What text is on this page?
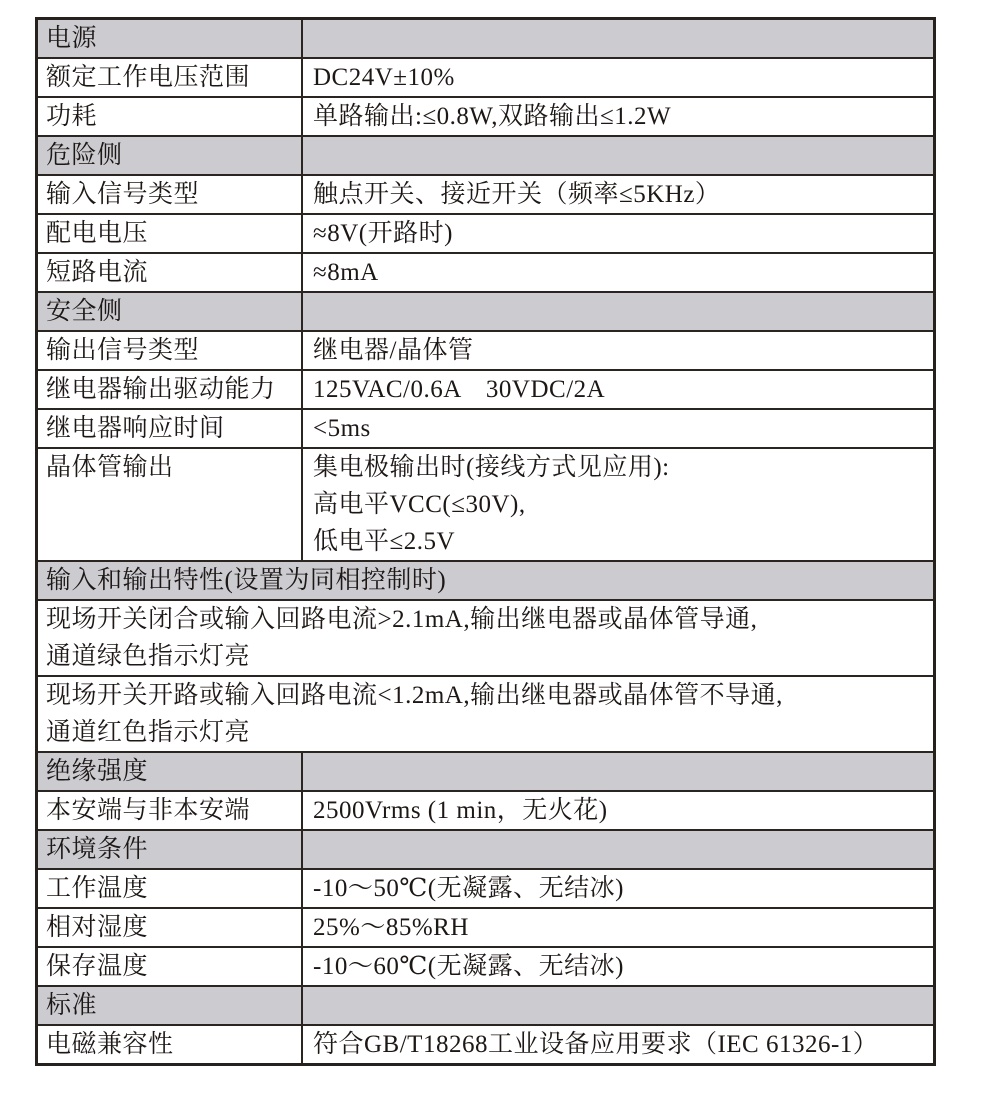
电源
额定工作电压范围	DC24V±10%
功耗	单路输出:≤0.8W,双路输出≤1.2W
危险侧
输入信号类型	触点开关、接近开关（频率≤5KHz）
配电电压	≈8V(开路时)
短路电流	≈8mA
安全侧
输出信号类型	继电器/晶体管
继电器输出驱动能力	125VAC/0.6A　30VDC/2A
继电器响应时间	<5ms
晶体管输出	集电极输出时(接线方式见应用):
高电平VCC(≤30V),
低电平≤2.5V
输入和输出特性(设置为同相控制时)
现场开关闭合或输入回路电流>2.1mA,输出继电器或晶体管导通,
通道绿色指示灯亮
现场开关开路或输入回路电流<1.2mA,输出继电器或晶体管不导通,
通道红色指示灯亮
绝缘强度
本安端与非本安端	2500Vrms (1 min，无火花)
环境条件
工作温度	-10～50℃(无凝露、无结冰)
相对湿度	25%～85%RH
保存温度	-10～60℃(无凝露、无结冰)
标准
电磁兼容性	符合GB/T18268工业设备应用要求（IEC 61326-1）
